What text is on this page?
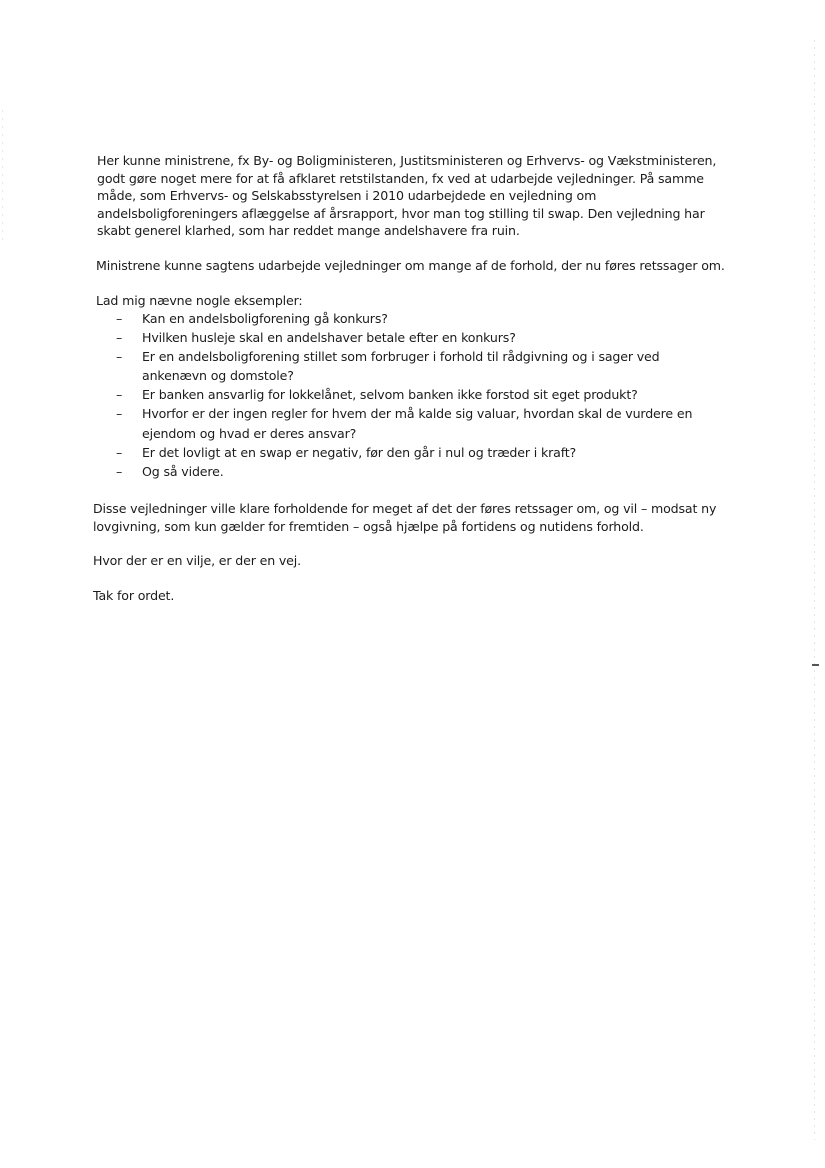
Her kunne ministrene, fx By- og Boligministeren, Justitsministeren og Erhvervs- og Vækstministeren, godt gøre noget mere for at få afklaret retstilstanden, fx ved at udarbejde vejledninger. På samme måde, som Erhvervs- og Selskabsstyrelsen i 2010 udarbejdede en vejledning om andelsboligforeningers aflæggelse af årsrapport, hvor man tog stilling til swap. Den vejledning har skabt generel klarhed, som har reddet mange andelshavere fra ruin.

Ministrene kunne sagtens udarbejde vejledninger om mange af de forhold, der nu føres retssager om.

Lad mig nævne nogle eksempler:

– Kan en andelsboligforening gå konkurs?
– Hvilken husleje skal en andelshaver betale efter en konkurs?
– Er en andelsboligforening stillet som forbruger i forhold til rådgivning og i sager ved ankenævn og domstole?
– Er banken ansvarlig for lokkelånet, selvom banken ikke forstod sit eget produkt?
– Hvorfor er der ingen regler for hvem der må kalde sig valuar, hvordan skal de vurdere en ejendom og hvad er deres ansvar?
– Er det lovligt at en swap er negativ, før den går i nul og træder i kraft?
– Og så videre.

Disse vejledninger ville klare forholdende for meget af det der føres retssager om, og vil – modsat ny lovgivning, som kun gælder for fremtiden – også hjælpe på fortidens og nutidens forhold.

Hvor der er en vilje, er der en vej.

Tak for ordet.
